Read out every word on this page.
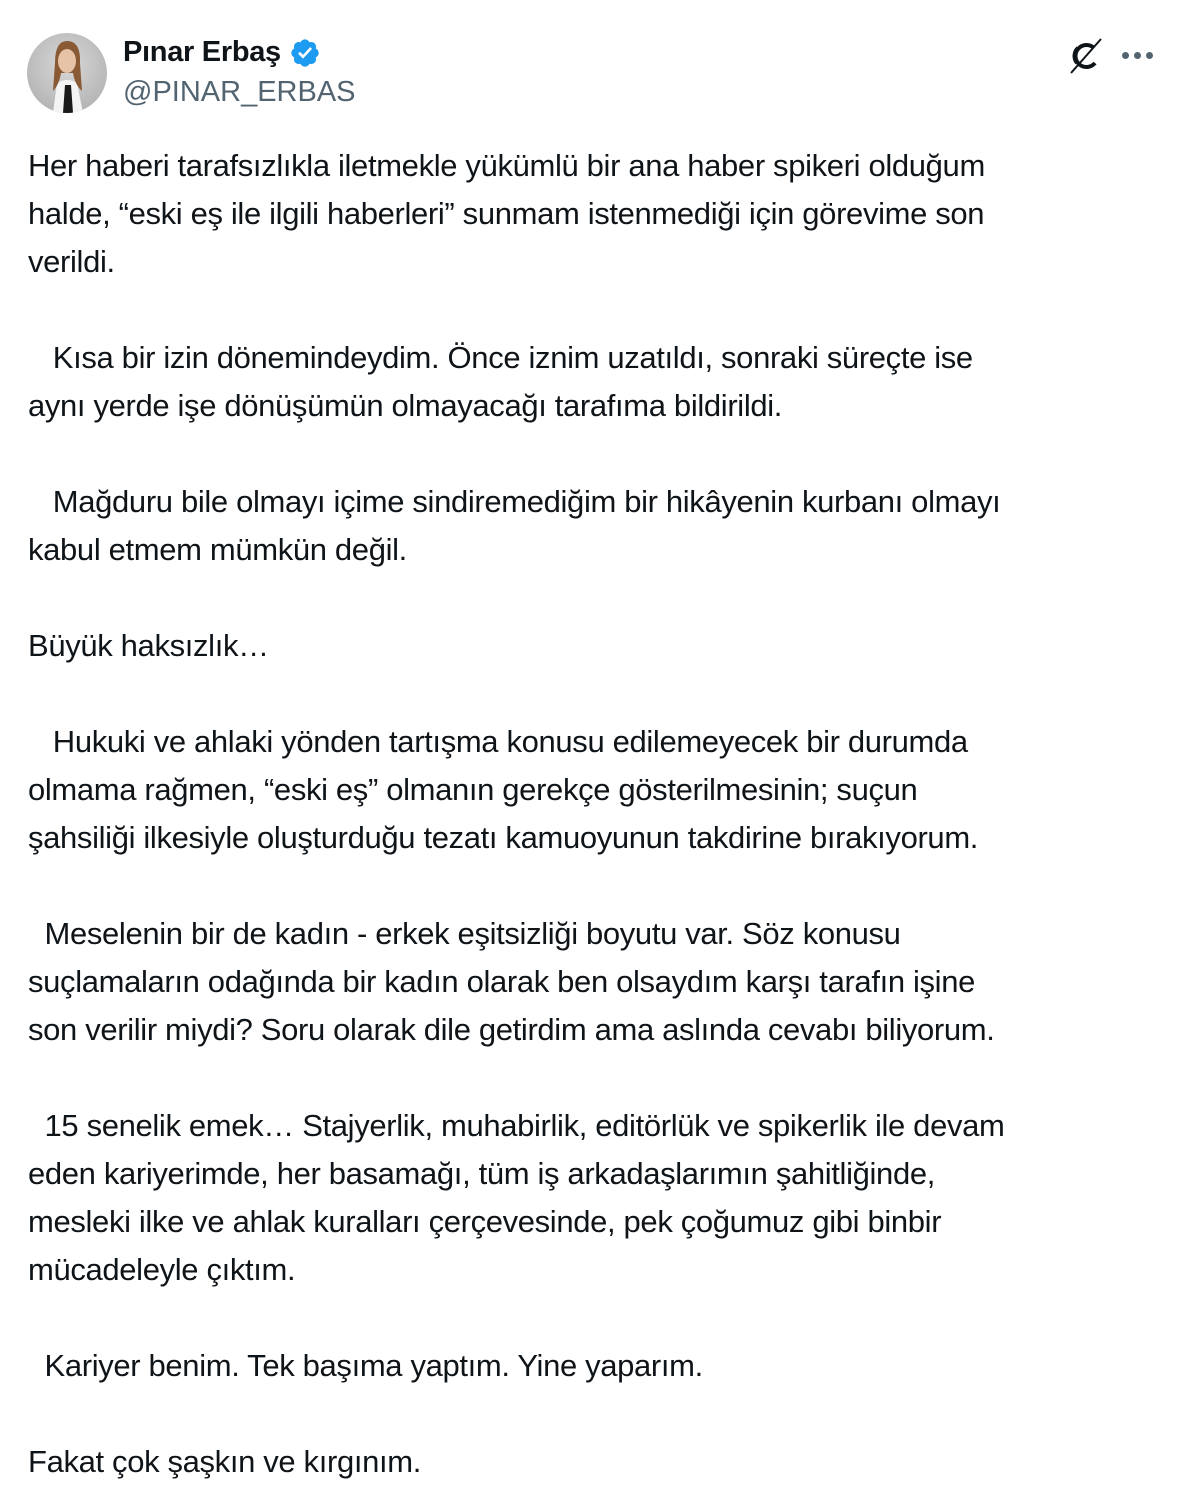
Pınar Erbaş
@PINAR_ERBAS
Her haberi tarafsızlıkla iletmekle yükümlü bir ana haber spikeri olduğum
halde, “eski eş ile ilgili haberleri” sunmam istenmediği için görevime son
verildi.
Kısa bir izin dönemindeydim. Önce iznim uzatıldı, sonraki süreçte ise
aynı yerde işe dönüşümün olmayacağı tarafıma bildirildi.
Mağduru bile olmayı içime sindiremediğim bir hikâyenin kurbanı olmayı
kabul etmem mümkün değil.
Büyük haksızlık…
Hukuki ve ahlaki yönden tartışma konusu edilemeyecek bir durumda
olmama rağmen, “eski eş” olmanın gerekçe gösterilmesinin; suçun
şahsiliği ilkesiyle oluşturduğu tezatı kamuoyunun takdirine bırakıyorum.
Meselenin bir de kadın - erkek eşitsizliği boyutu var. Söz konusu
suçlamaların odağında bir kadın olarak ben olsaydım karşı tarafın işine
son verilir miydi? Soru olarak dile getirdim ama aslında cevabı biliyorum.
15 senelik emek… Stajyerlik, muhabirlik, editörlük ve spikerlik ile devam
eden kariyerimde, her basamağı, tüm iş arkadaşlarımın şahitliğinde,
mesleki ilke ve ahlak kuralları çerçevesinde, pek çoğumuz gibi binbir
mücadeleyle çıktım.
Kariyer benim. Tek başıma yaptım. Yine yaparım.
Fakat çok şaşkın ve kırgınım.
